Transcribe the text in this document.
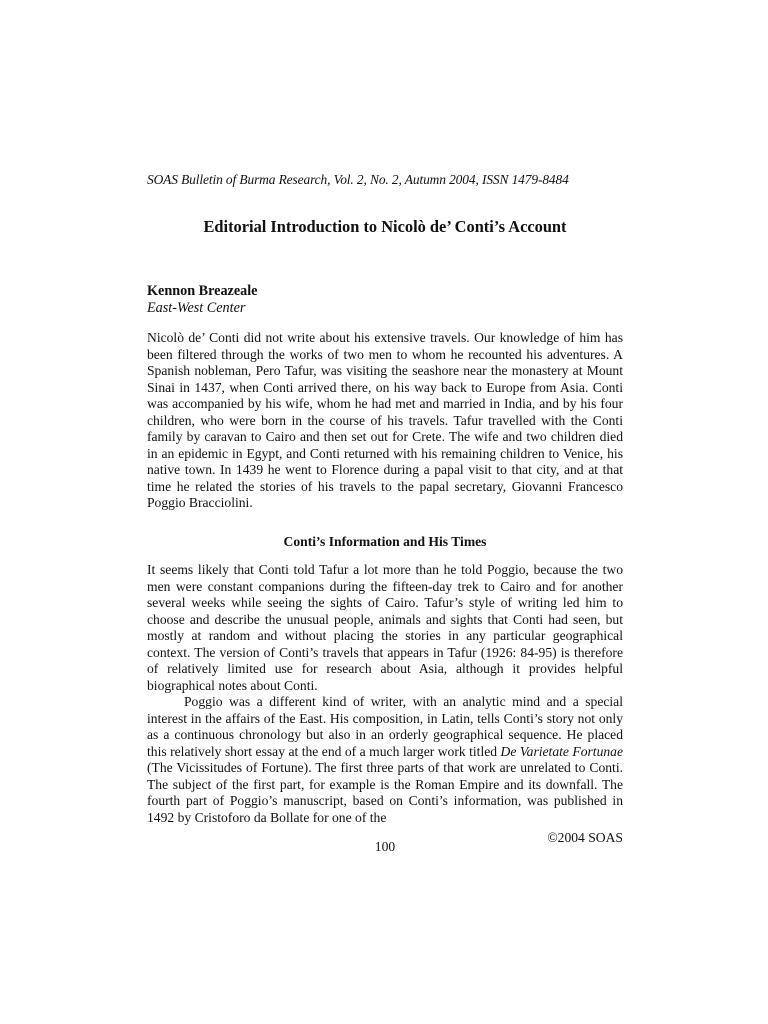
SOAS Bulletin of Burma Research, Vol. 2, No. 2, Autumn 2004, ISSN 1479-8484
Editorial Introduction to Nicolò de’ Conti’s Account
Kennon Breazeale
East-West Center

Nicolò de’ Conti did not write about his extensive travels. Our knowledge of him has been filtered through the works of two men to whom he recounted his adventures. A Spanish nobleman, Pero Tafur, was visiting the seashore near the monastery at Mount Sinai in 1437, when Conti arrived there, on his way back to Europe from Asia. Conti was accompanied by his wife, whom he had met and married in India, and by his four children, who were born in the course of his travels. Tafur travelled with the Conti family by caravan to Cairo and then set out for Crete. The wife and two children died in an epidemic in Egypt, and Conti returned with his remaining children to Venice, his native town. In 1439 he went to Florence during a papal visit to that city, and at that time he related the stories of his travels to the papal secretary, Giovanni Francesco Poggio Bracciolini.

Conti’s Information and His Times

It seems likely that Conti told Tafur a lot more than he told Poggio, because the two men were constant companions during the fifteen-day trek to Cairo and for another several weeks while seeing the sights of Cairo. Tafur’s style of writing led him to choose and describe the unusual people, animals and sights that Conti had seen, but mostly at random and without placing the stories in any particular geographical context. The version of Conti’s travels that appears in Tafur (1926: 84-95) is therefore of relatively limited use for research about Asia, although it provides helpful biographical notes about Conti.

Poggio was a different kind of writer, with an analytic mind and a special interest in the affairs of the East. His composition, in Latin, tells Conti’s story not only as a continuous chronology but also in an orderly geographical sequence. He placed this relatively short essay at the end of a much larger work titled De Varietate Fortunae (The Vicissitudes of Fortune). The first three parts of that work are unrelated to Conti. The subject of the first part, for example is the Roman Empire and its downfall. The fourth part of Poggio’s manuscript, based on Conti’s information, was published in 1492 by Cristoforo da Bollate for one of the

©2004 SOAS
100
